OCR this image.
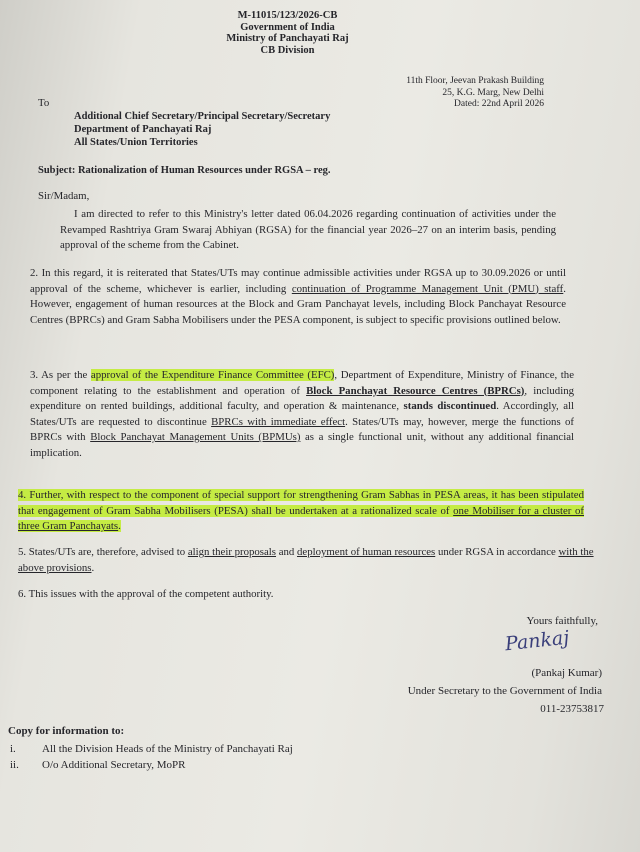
M-11015/123/2026-CB
Government of India
Ministry of Panchayati Raj
CB Division
11th Floor, Jeevan Prakash Building
25, K.G. Marg, New Delhi
Dated: 22nd April 2026
To
Additional Chief Secretary/Principal Secretary/Secretary
Department of Panchayati Raj
All States/Union Territories
Subject: Rationalization of Human Resources under RGSA – reg.
Sir/Madam,
I am directed to refer to this Ministry's letter dated 06.04.2026 regarding continuation of activities under the Revamped Rashtriya Gram Swaraj Abhiyan (RGSA) for the financial year 2026–27 on an interim basis, pending approval of the scheme from the Cabinet.
2. In this regard, it is reiterated that States/UTs may continue admissible activities under RGSA up to 30.09.2026 or until approval of the scheme, whichever is earlier, including continuation of Programme Management Unit (PMU) staff. However, engagement of human resources at the Block and Gram Panchayat levels, including Block Panchayat Resource Centres (BPRCs) and Gram Sabha Mobilisers under the PESA component, is subject to specific provisions outlined below.
3. As per the approval of the Expenditure Finance Committee (EFC), Department of Expenditure, Ministry of Finance, the component relating to the establishment and operation of Block Panchayat Resource Centres (BPRCs), including expenditure on rented buildings, additional faculty, and operation & maintenance, stands discontinued. Accordingly, all States/UTs are requested to discontinue BPRCs with immediate effect. States/UTs may, however, merge the functions of BPRCs with Block Panchayat Management Units (BPMUs) as a single functional unit, without any additional financial implication.
4. Further, with respect to the component of special support for strengthening Gram Sabhas in PESA areas, it has been stipulated that engagement of Gram Sabha Mobilisers (PESA) shall be undertaken at a rationalized scale of one Mobiliser for a cluster of three Gram Panchayats.
5. States/UTs are, therefore, advised to align their proposals and deployment of human resources under RGSA in accordance with the above provisions.
6. This issues with the approval of the competent authority.
Yours faithfully,
Pankaj
(Pankaj Kumar)
Under Secretary to the Government of India
011-23753817
Copy for information to:
i.	All the Division Heads of the Ministry of Panchayati Raj
ii.	O/o Additional Secretary, MoPR
